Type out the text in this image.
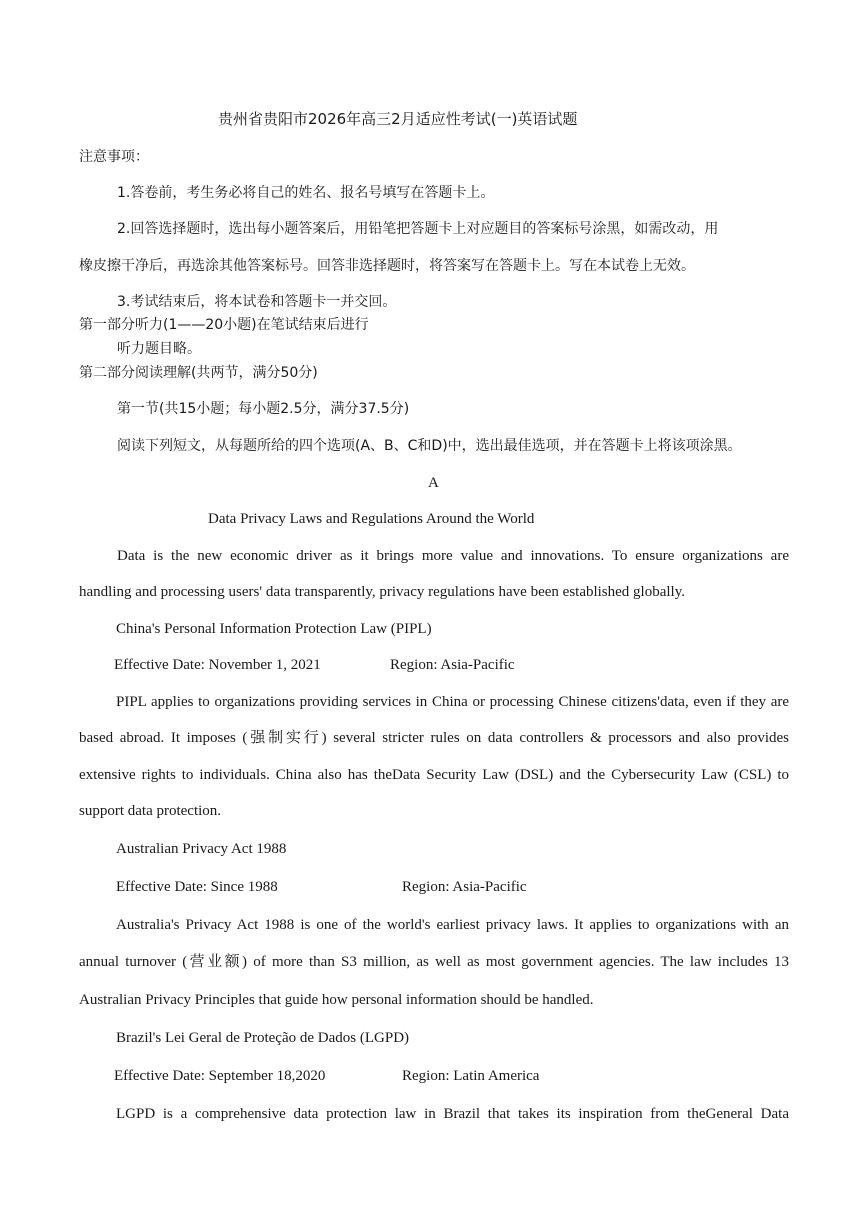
贵州省贵阳市2026年高三2月适应性考试(一)英语试题
注意事项：
1.答卷前，考生务必将自己的姓名、报名号填写在答题卡上。
2.回答选择题时，选出每小题答案后，用铅笔把答题卡上对应题目的答案标号涂黑，如需改动，用
橡皮擦干净后，再选涂其他答案标号。回答非选择题时，将答案写在答题卡上。写在本试卷上无效。
3.考试结束后，将本试卷和答题卡一并交回。
第一部分听力(1——20小题)在笔试结束后进行
听力题目略。
第二部分阅读理解(共两节，满分50分)
第一节(共15小题；每小题2.5分，满分37.5分)
阅读下列短文，从每题所给的四个选项(A、B、C和D)中，选出最佳选项，并在答题卡上将该项涂黑。
A
Data Privacy Laws and Regulations Around the World
Data is the new economic driver as it brings more value and innovations. To ensure organizations are
handling and processing users' data transparently, privacy regulations have been established globally.
China's Personal Information Protection Law (PIPL)
Effective Date: November 1, 2021	Region: Asia-Pacific
PIPL applies to organizations providing services in China or processing Chinese citizens'data, even if they are
based abroad. It imposes (强制实行) several stricter rules on data controllers & processors and also provides
extensive rights to individuals. China also has theData Security Law (DSL) and the Cybersecurity Law (CSL) to
support data protection.
Australian Privacy Act 1988
Effective Date: Since 1988	Region: Asia-Pacific
Australia's Privacy Act 1988 is one of the world's earliest privacy laws. It applies to organizations with an
annual turnover (营业额) of more than S3 million, as well as most government agencies. The law includes 13
Australian Privacy Principles that guide how personal information should be handled.
Brazil's Lei Geral de Proteção de Dados (LGPD)
Effective Date: September 18,2020	Region: Latin America
LGPD is a comprehensive data protection law in Brazil that takes its inspiration from theGeneral Data
